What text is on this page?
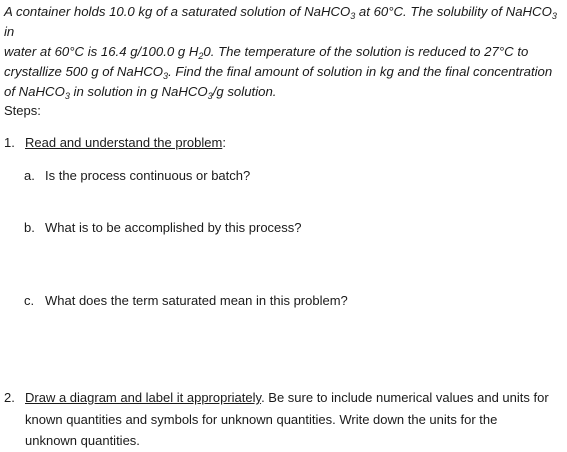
A container holds 10.0 kg of a saturated solution of NaHCO$_3$ at 60°C. The solubility of NaHCO$_3$ in
water at 60°C is 16.4 g/100.0 g $H_20$. The temperature of the solution is reduced to 27°C to
crystallize 500 g of NaHCO$_3$. Find the final amount of solution in kg and the final concentration
of NaHCO$_3$ in solution in g NaHCO$_3$/g solution.
Steps:
1. Read and understand the problem:
a. Is the process continuous or batch?
b. What is to be accomplished by this process?
c. What does the term saturated mean in this problem?
2. Draw a diagram and label it appropriately. Be sure to include numerical values and units for
known quantities and symbols for unknown quantities. Write down the units for the
unknown quantities.
